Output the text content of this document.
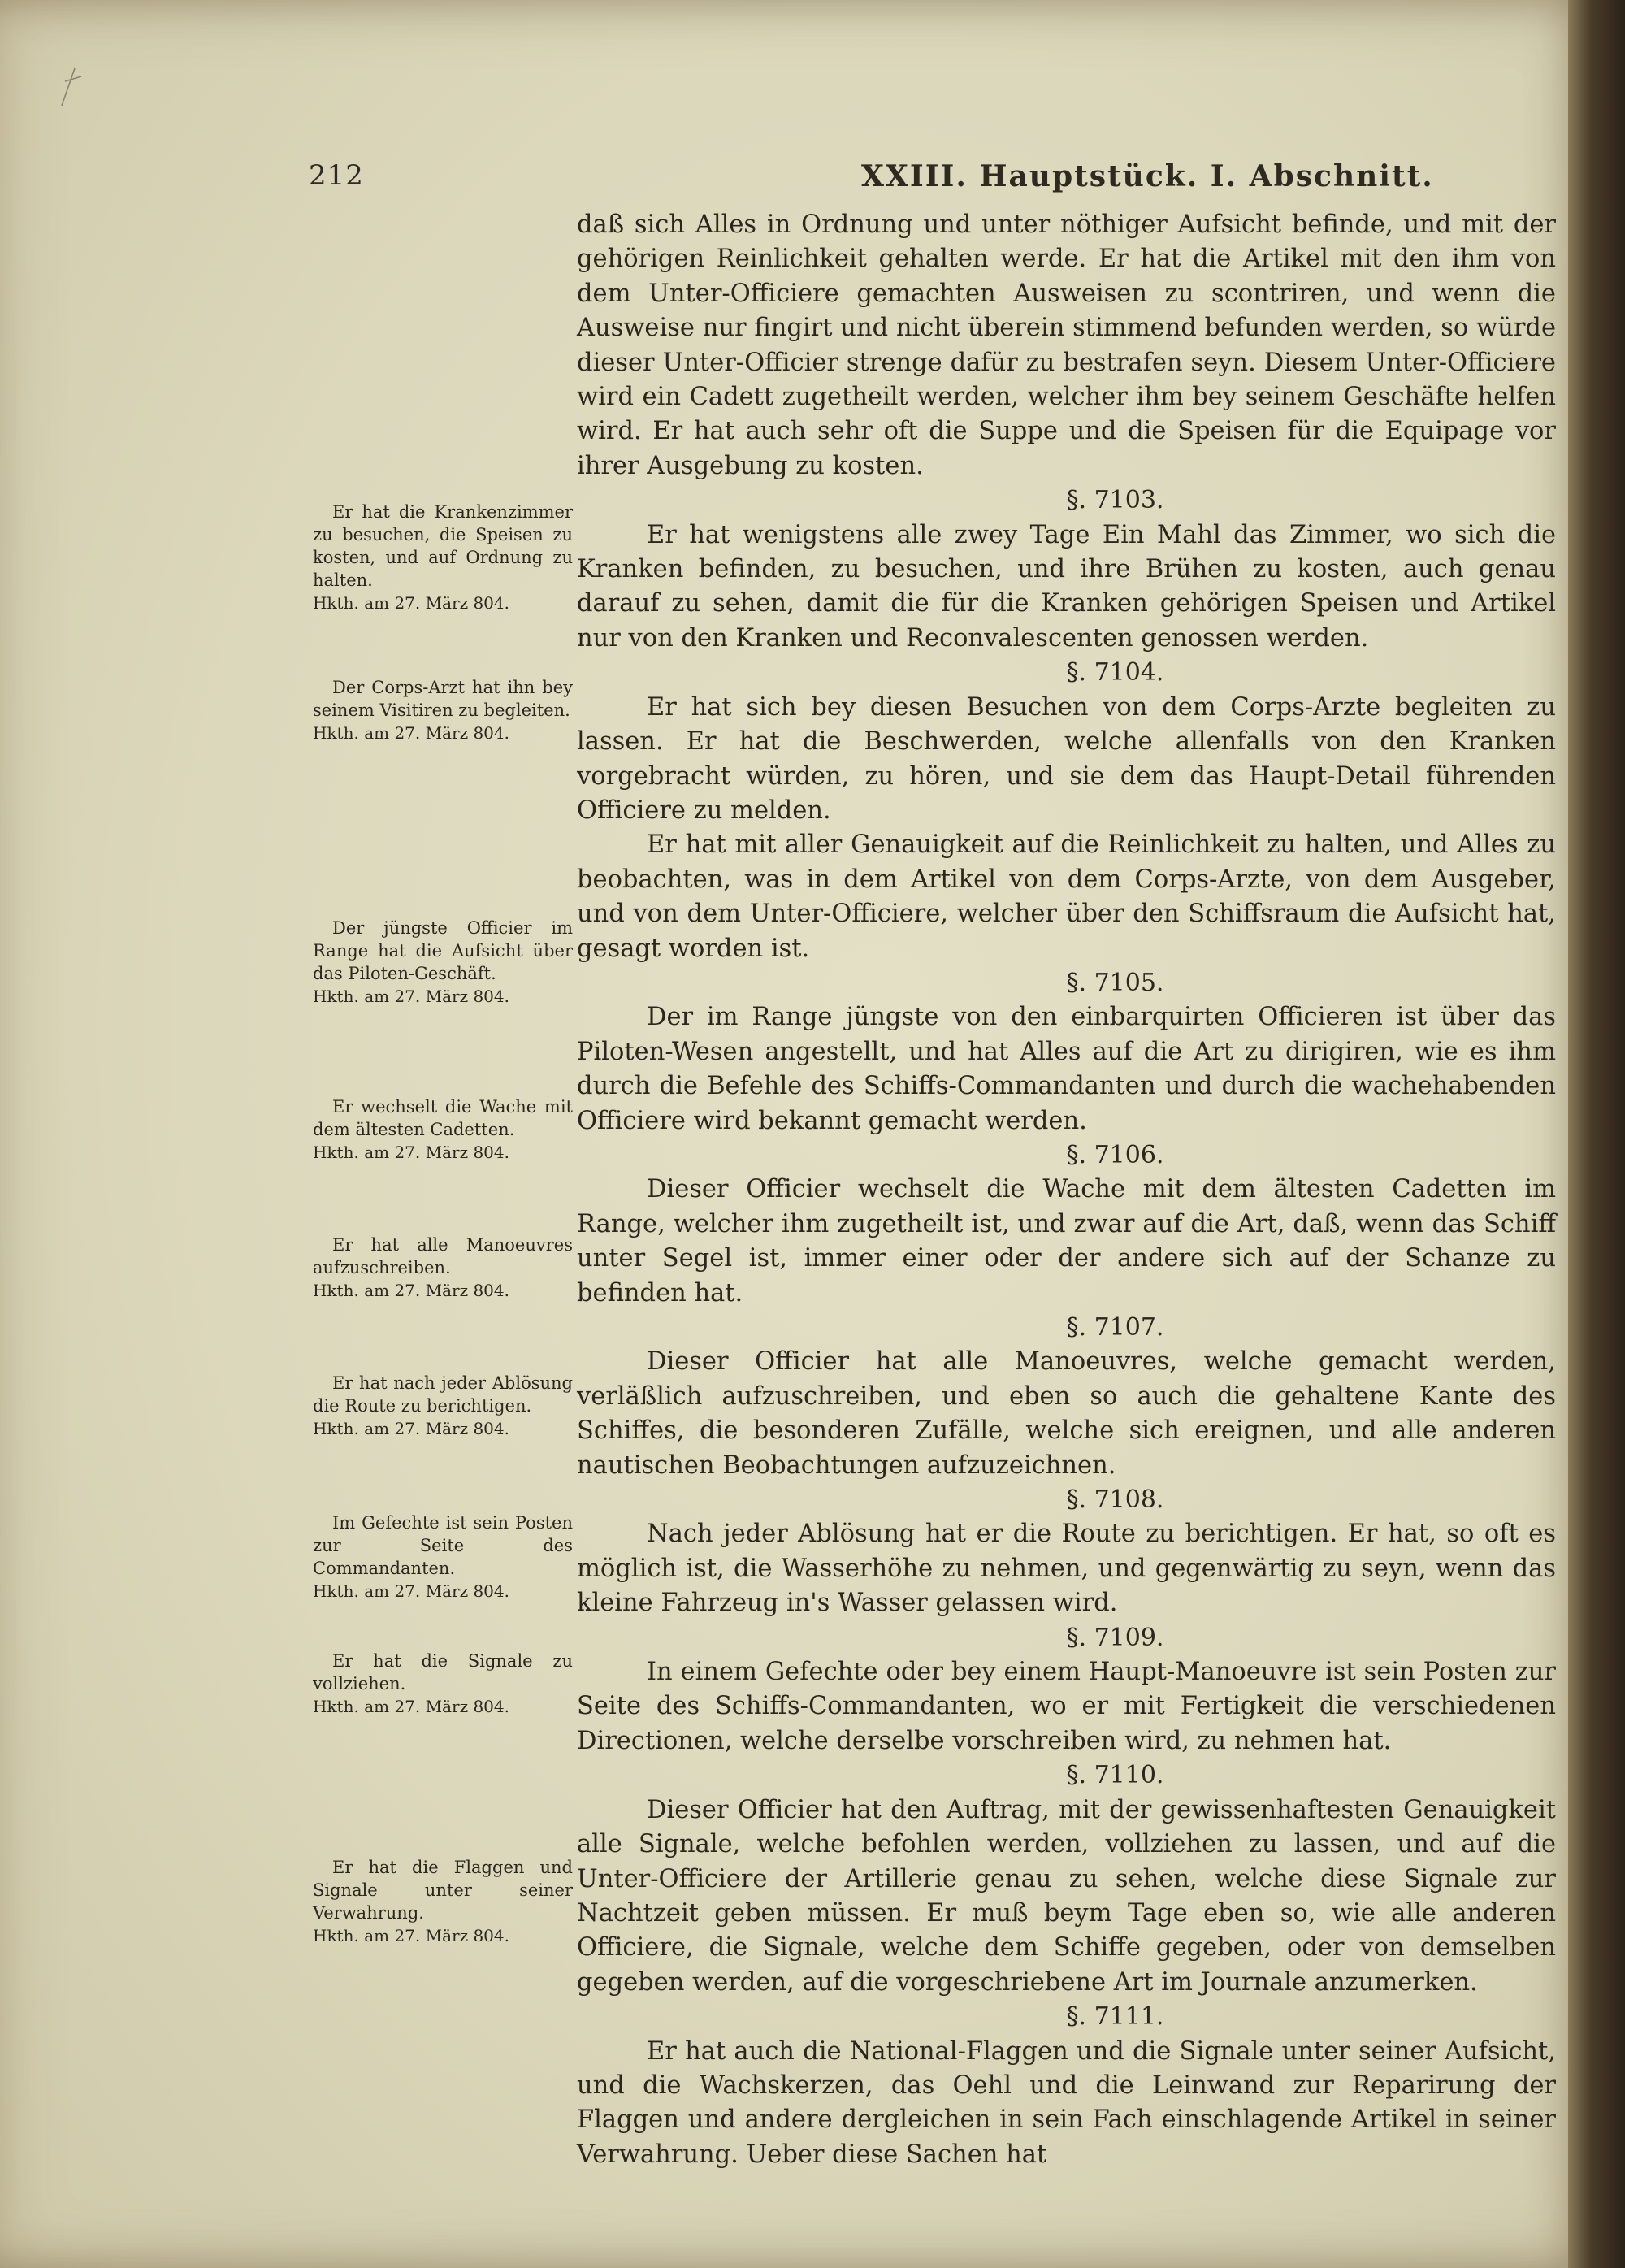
212	XXIII. Hauptstück. I. Abschnitt.

daß sich Alles in Ordnung und unter nöthiger Aufsicht befinde, und mit der gehörigen Reinlichkeit gehalten werde. Er hat die Artikel mit den ihm von dem Unter-Officiere gemachten Ausweisen zu scontriren, und wenn die Ausweise nur fingirt und nicht überein stimmend befunden werden, so würde dieser Unter-Officier strenge dafür zu bestrafen seyn. Diesem Unter-Officiere wird ein Cadett zugetheilt werden, welcher ihm bey seinem Geschäfte helfen wird. Er hat auch sehr oft die Suppe und die Speisen für die Equipage vor ihrer Ausgebung zu kosten.

§. 7103.

Er hat wenigstens alle zwey Tage Ein Mahl das Zimmer, wo sich die Kranken befinden, zu besuchen, und ihre Brühen zu kosten, auch genau darauf zu sehen, damit die für die Kranken gehörigen Speisen und Artikel nur von den Kranken und Reconvalescenten genossen werden.

§. 7104.

Er hat sich bey diesen Besuchen von dem Corps-Arzte begleiten zu lassen. Er hat die Beschwerden, welche allenfalls von den Kranken vorgebracht würden, zu hören, und sie dem das Haupt-Detail führenden Officiere zu melden.

Er hat mit aller Genauigkeit auf die Reinlichkeit zu halten, und Alles zu beobachten, was in dem Artikel von dem Corps-Arzte, von dem Ausgeber, und von dem Unter-Officiere, welcher über den Schiffsraum die Aufsicht hat, gesagt worden ist.

§. 7105.

Der im Range jüngste von den einbarquirten Officieren ist über das Piloten-Wesen angestellt, und hat Alles auf die Art zu dirigiren, wie es ihm durch die Befehle des Schiffs-Commandanten und durch die wachehabenden Officiere wird bekannt gemacht werden.

§. 7106.

Dieser Officier wechselt die Wache mit dem ältesten Cadetten im Range, welcher ihm zugetheilt ist, und zwar auf die Art, daß, wenn das Schiff unter Segel ist, immer einer oder der andere sich auf der Schanze zu befinden hat.

§. 7107.

Dieser Officier hat alle Manoeuvres, welche gemacht werden, verläßlich aufzuschreiben, und eben so auch die gehaltene Kante des Schiffes, die besonderen Zufälle, welche sich ereignen, und alle anderen nautischen Beobachtungen aufzuzeichnen.

§. 7108.

Nach jeder Ablösung hat er die Route zu berichtigen. Er hat, so oft es möglich ist, die Wasserhöhe zu nehmen, und gegenwärtig zu seyn, wenn das kleine Fahrzeug in's Wasser gelassen wird.

§. 7109.

In einem Gefechte oder bey einem Haupt-Manoeuvre ist sein Posten zur Seite des Schiffs-Commandanten, wo er mit Fertigkeit die verschiedenen Directionen, welche derselbe vorschreiben wird, zu nehmen hat.

§. 7110.

Dieser Officier hat den Auftrag, mit der gewissenhaftesten Genauigkeit alle Signale, welche befohlen werden, vollziehen zu lassen, und auf die Unter-Officiere der Artillerie genau zu sehen, welche diese Signale zur Nachtzeit geben müssen. Er muß beym Tage eben so, wie alle anderen Officiere, die Signale, welche dem Schiffe gegeben, oder von demselben gegeben werden, auf die vorgeschriebene Art im Journale anzumerken.

§. 7111.

Er hat auch die National-Flaggen und die Signale unter seiner Aufsicht, und die Wachskerzen, das Oehl und die Leinwand zur Reparirung der Flaggen und andere dergleichen in sein Fach einschlagende Artikel in seiner Verwahrung. Ueber diese Sachen hat

Er hat die Krankenzimmer zu besuchen, die Speisen zu kosten, und auf Ordnung zu halten.
Hkth. am 27. März 804.
Der Corps-Arzt hat ihn bey seinem Visitiren zu begleiten.
Hkth. am 27. März 804.
Der jüngste Officier im Range hat die Aufsicht über das Piloten-Geschäft.
Hkth. am 27. März 804.
Er wechselt die Wache mit dem ältesten Cadetten.
Hkth. am 27. März 804.
Er hat alle Manoeuvres aufzuschreiben.
Hkth. am 27. März 804.
Er hat nach jeder Ablösung die Route zu berichtigen.
Hkth. am 27. März 804.
Im Gefechte ist sein Posten zur Seite des Commandanten.
Hkth. am 27. März 804.
Er hat die Signale zu vollziehen.
Hkth. am 27. März 804.
Er hat die Flaggen und Signale unter seiner Verwahrung.
Hkth. am 27. März 804.
